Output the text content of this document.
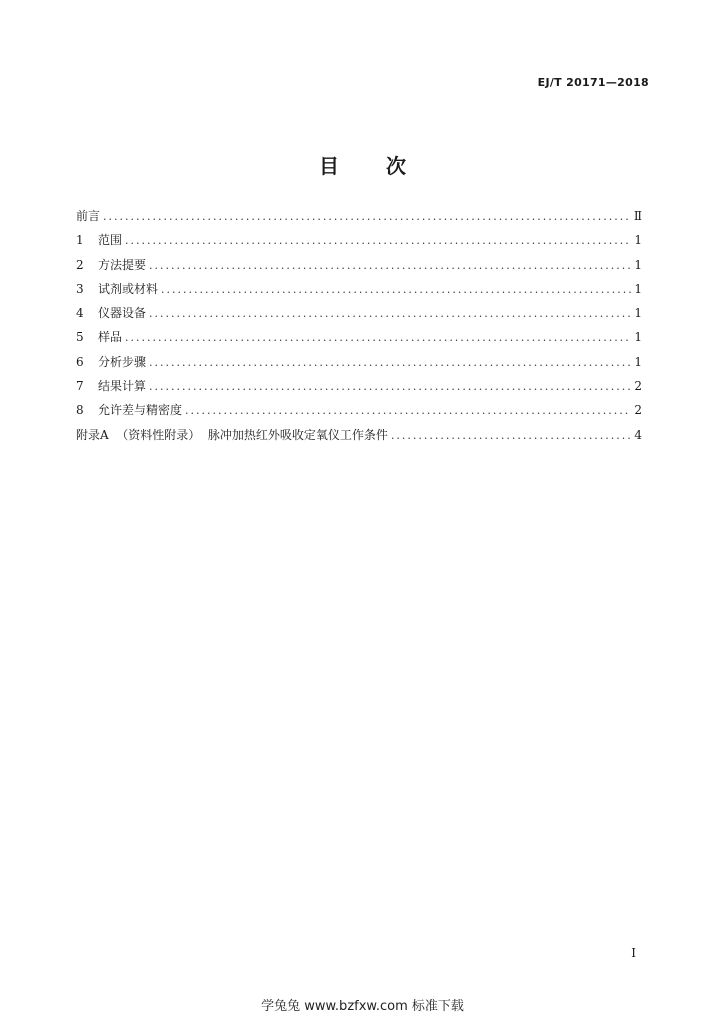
EJ/T 20171—2018
目 次
前言 .....	Ⅱ
1	范围 .....	1
2	方法提要 .....	1
3	试剂或材料 .....	1
4	仪器设备 .....	1
5	样品 .....	1
6	分析步骤 .....	1
7	结果计算 .....	2
8	允许差与精密度 .....	2
附录A  （资料性附录）  脉冲加热红外吸收定氧仪工作条件 .....	4
I
学兔兔 www.bzfxw.com 标准下载
